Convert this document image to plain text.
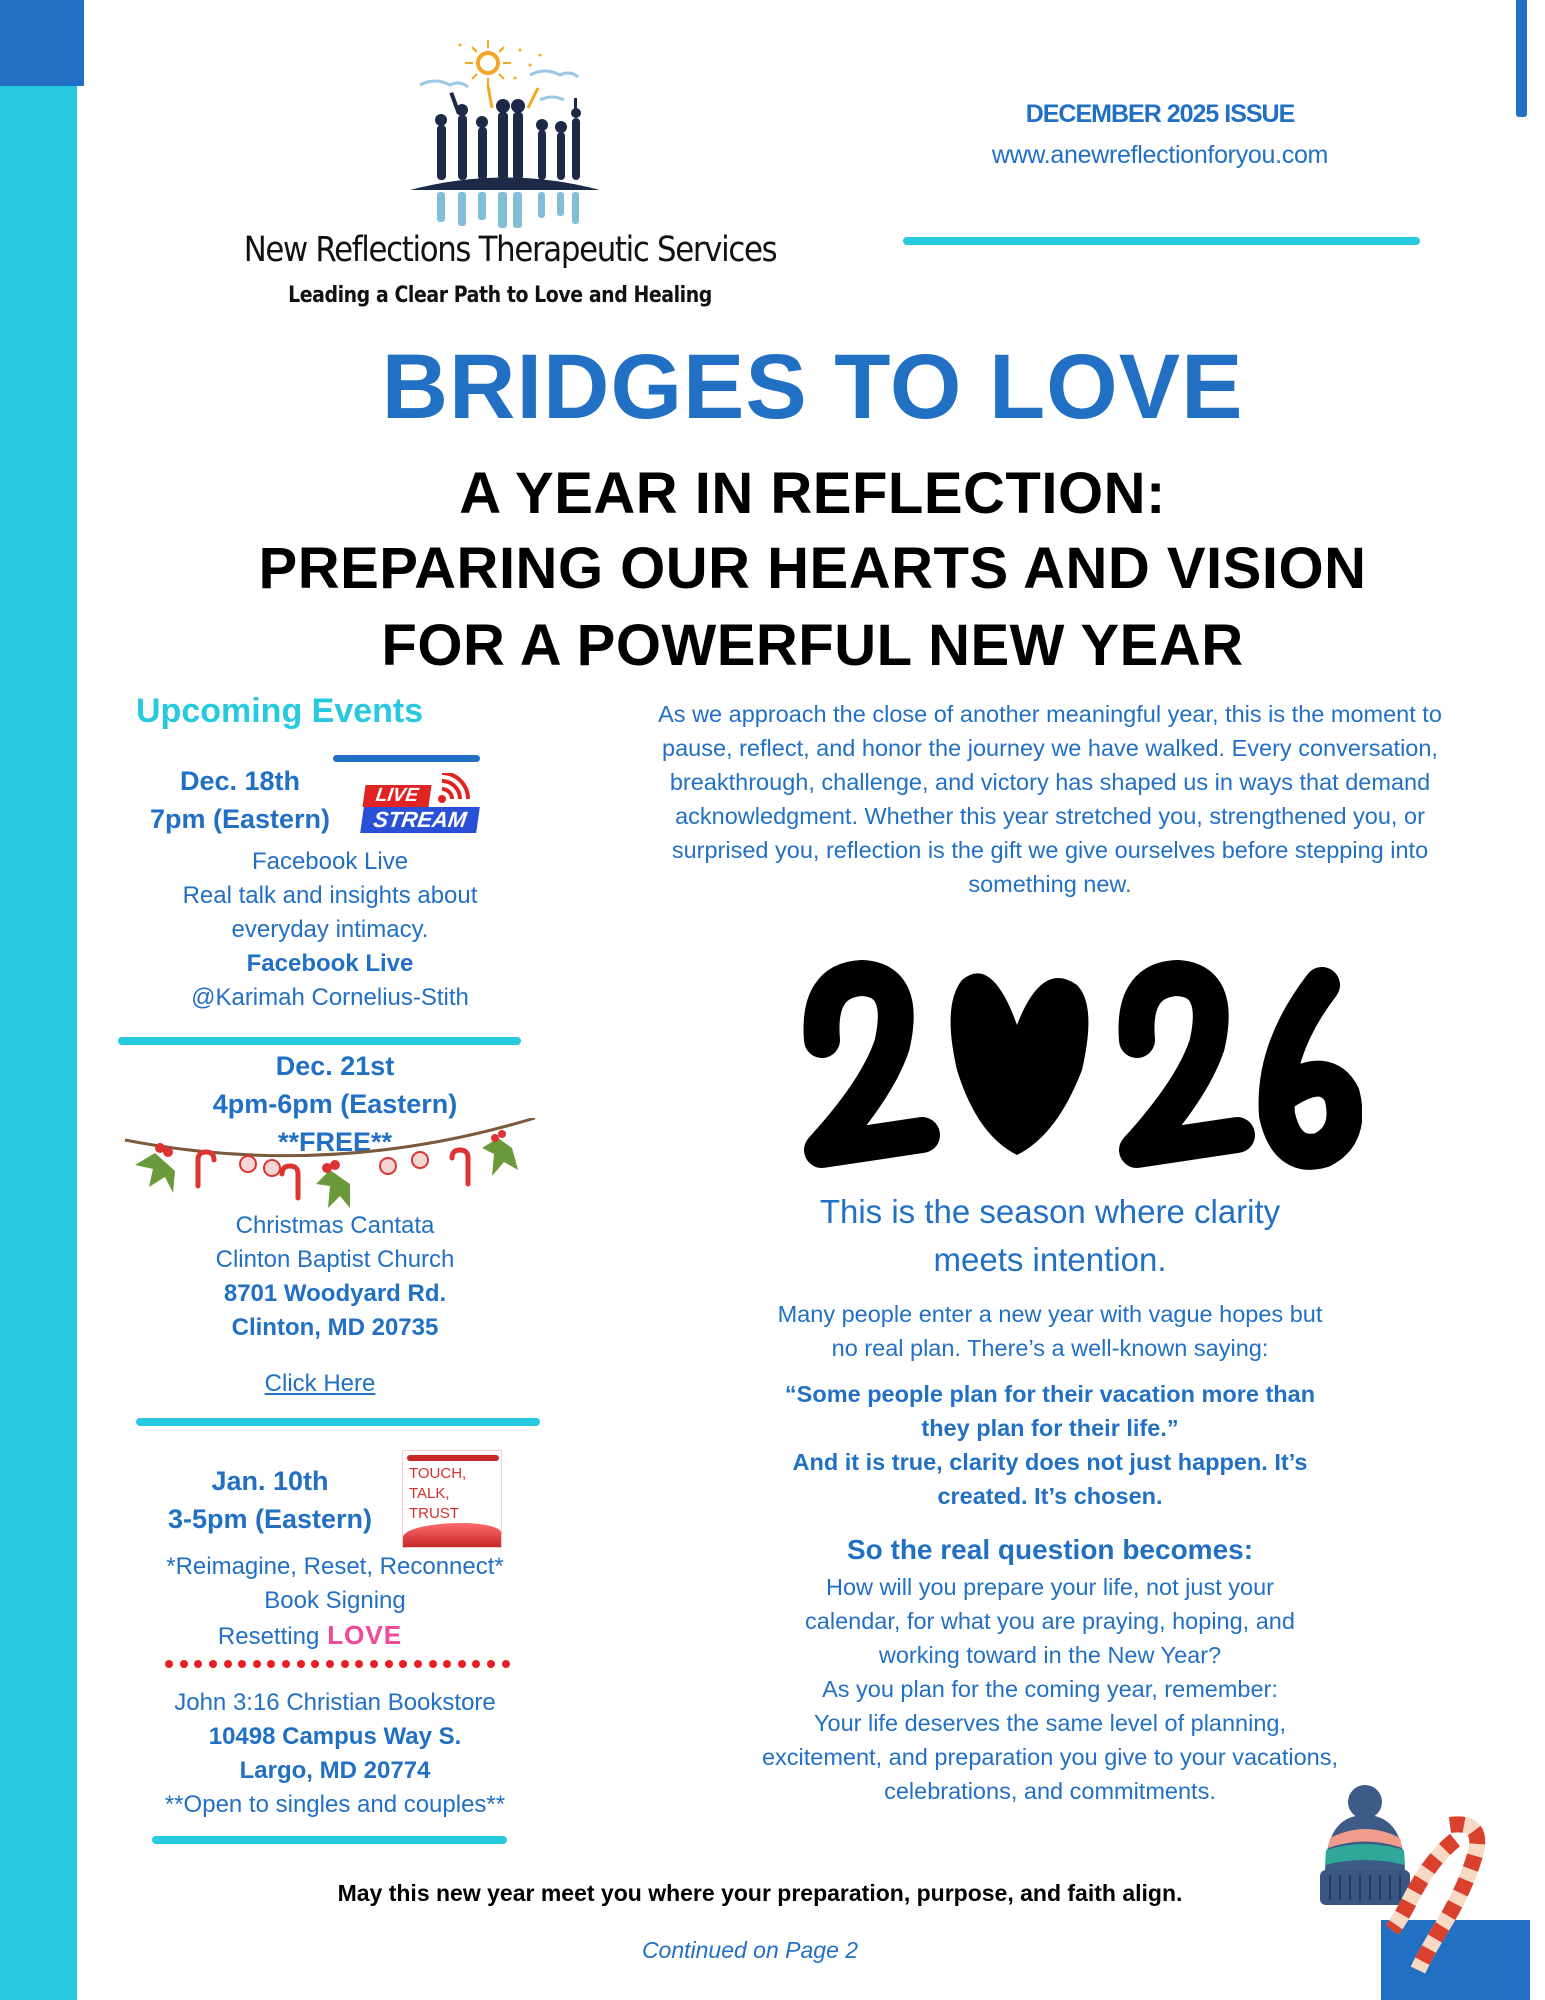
New Reflections Therapeutic Services
Leading a Clear Path to Love and Healing
DECEMBER 2025 ISSUE
www.anewreflectionforyou.com
BRIDGES TO LOVE
A YEAR IN REFLECTION:
PREPARING OUR HEARTS AND VISION
FOR A POWERFUL NEW YEAR
Upcoming Events
Dec. 18th
7pm (Eastern)
LIVE
STREAM
Facebook Live
Real talk and insights about
everyday intimacy.
Facebook Live
@Karimah Cornelius-Stith
Dec. 21st
4pm-6pm (Eastern)
**FREE**
Christmas Cantata
Clinton Baptist Church
8701 Woodyard Rd.
Clinton, MD 20735
Click Here
Jan. 10th
3-5pm (Eastern)
TOUCH,
TALK,
TRUST
*Reimagine, Reset, Reconnect*
Book Signing
Resetting LOVE
John 3:16 Christian Bookstore
10498 Campus Way S.
Largo, MD 20774
**Open to singles and couples**
As we approach the close of another meaningful year, this is the moment to pause, reflect, and honor the journey we have walked. Every conversation, breakthrough, challenge, and victory has shaped us in ways that demand acknowledgment. Whether this year stretched you, strengthened you, or surprised you, reflection is the gift we give ourselves before stepping into something new.
This is the season where clarity
meets intention.
Many people enter a new year with vague hopes but
no real plan. There’s a well-known saying:
“Some people plan for their vacation more than
they plan for their life.”
And it is true, clarity does not just happen. It’s
created. It’s chosen.
So the real question becomes:
How will you prepare your life, not just your
calendar, for what you are praying, hoping, and
working toward in the New Year?
As you plan for the coming year, remember:
Your life deserves the same level of planning,
excitement, and preparation you give to your vacations,
celebrations, and commitments.
May this new year meet you where your preparation, purpose, and faith align.
Continued on Page 2
